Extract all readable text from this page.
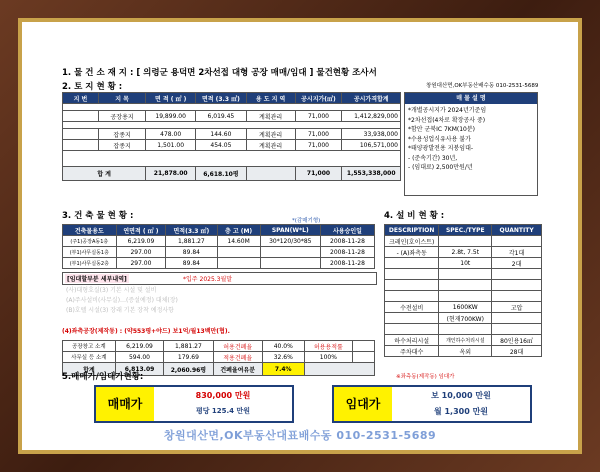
1. 물 건 소 재 지 : [ 의령군 용덕면 2차선접 대형 공장 매매/임대 ] 물건현황 조사서
창원대산면,OK부동산배수동 010-2531-5689
2. 토 지 현 황 :
지 번	지 목	면 적 ( ㎡ )	면적 (3.3 ㎡)	용 도 지 역	공시지가(㎡)	공시가격합계

	공장용지	19,899.00	6,019.45	계획관리	71,000	1,412,829,000

	잡종지	478.00	144.60	계획관리	71,000	33,938,000
	잡종지	1,501.00	454.05	계획관리	71,000	106,571,000

합 계		21,878.00	6,618.10평		71,000	1,553,338,000
매 물 설 명
*개별공시지가 2024년기준임
*2차선접(4차로 확장공사 중)
*함안 군북IC 7KM(10분)
*수용성업식유사용 불가
*태양광발전용 지붕임대-
- (준속기간) 30년,
- (임대료) 2,500만원/년
3. 건 축 물 현 황 :	*(감매기형)
건축물용도	연면적 ( ㎡ )	면적(3.3 ㎡)	층 고 (M)	SPAN(W*L)	사용승인일
(주1)공장A동1층	6,219.09	1,881.27	14.60M	30*120/30*85	2008-11-28
(부1)사무실동1층	297.00	89.84			2008-11-28
(부1)사무실동2층	297.00	89.84			2008-11-28
[임대할부분 세부내역]	*입주 2025.3월말
(사)대형호실(3) 기본 시설 및 설비
(A)주사설비(사무실)…(증설예정) 대체(장)
(B)호텔 시설(3) 장래 기본 장착 예정사항
(4)좌측공장(제작동) : (약553평+야드) 보1억/월13백만(협).
공장창고 소계	6,219.09	1,881.27	허용건폐율	40.0%	허용용적률	
사무실 등 소계	594.00	179.69	적용건폐율	32.6%	100%	
합계	6,813.09	2,060.96평	건폐율여유분	7.4%		
4. 설 비 현 황 :
DESCRIPTION	SPEC./TYPE	QUANTITY
크레인(호이스트)		
- (A)좌측동	2.8t, 7.5t	각1대
	10t	2대

수전설비	1600KW	고압
	(현재700KW)	

하수처리시설	개인하수처리시설	80인용16㎥
주차대수	옥외	28대
5.매매가/임대가현황:
매매가
830,000 만원
평당 125.4 만원
※좌측동(제작동) 임대가
임대가
보 10,000 만원
월 1,300 만원
창원대산면,OK부동산대표배수동 010-2531-5689
